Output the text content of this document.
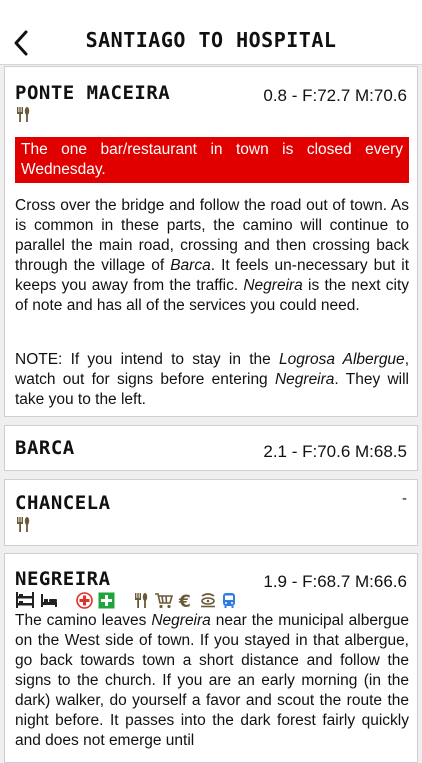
SANTIAGO TO HOSPITAL
PONTE MACEIRA	0.8 - F:72.7 M:70.6
The one bar/restaurant in town is closed every Wednesday.

Cross over the bridge and follow the road out of town. As is common in these parts, the camino will continue to parallel the main road, crossing and then crossing back through the village of Barca. It feels un-necessary but it keeps you away from the traffic. Negreira is the next city of note and has all of the services you could need.

NOTE: If you intend to stay in the Logrosa Albergue, watch out for signs before entering Negreira. They will take you to the left.

BARCA	2.1 - F:70.6 M:68.5
CHANCELA	-
NEGREIRA	1.9 - F:68.7 M:66.6
€

The camino leaves Negreira near the municipal albergue on the West side of town. If you stayed in that albergue, go back towards town a short distance and follow the signs to the church. If you are an early morning (in the dark) walker, do yourself a favor and scout the route the night before. It passes into the dark forest fairly quickly and does not emerge until
